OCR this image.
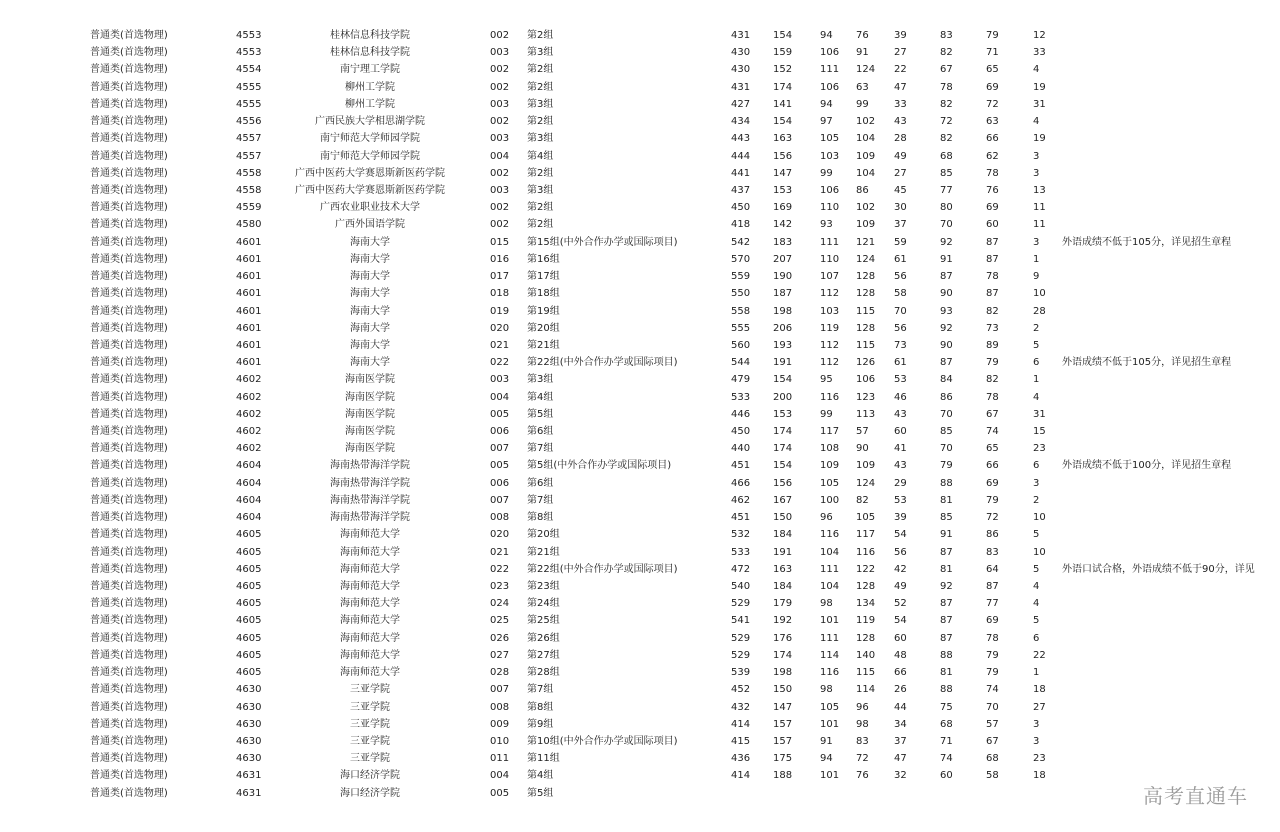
普通类(首选物理)	4553	桂林信息科技学院	002 第2组	431 154	94 76	39	83	79	12
普通类(首选物理)	4553	桂林信息科技学院	003 第3组	430 159	106 91	27	82	71	33
普通类(首选物理)	4554	南宁理工学院	002 第2组	430 152	111 124 22	67	65	4
普通类(首选物理)	4555	柳州工学院	002 第2组	431 174	106 63	47	78	69	19
普通类(首选物理)	4555	柳州工学院	003 第3组	427 141	94 99	33	82	72	31
普通类(首选物理)	4556	广西民族大学相思湖学院	002 第2组	434 154	97 102 43	72	63	4
普通类(首选物理)	4557	南宁师范大学师园学院	003 第3组	443 163	105 104 28	82	66	19
普通类(首选物理)	4557	南宁师范大学师园学院	004 第4组	444 156	103 109 49	68	62	3
普通类(首选物理)	4558	广西中医药大学赛恩斯新医药学院	002 第2组	441 147	99 104 27	85	78	3
普通类(首选物理)	4558	广西中医药大学赛恩斯新医药学院	003 第3组	437 153	106 86	45	77	76	13
普通类(首选物理)	4559	广西农业职业技术大学	002 第2组	450 169	110 102 30	80	69	11
普通类(首选物理)	4580	广西外国语学院	002 第2组	418 142	93 109 37	70	60	11
普通类(首选物理)	4601	海南大学	015 第15组(中外合作办学或国际项目)	542 183	111 121 59	92	87	3 外语成绩不低于105分，详见招生章程
普通类(首选物理)	4601	海南大学	016 第16组	570 207	110 124 61	91	87	1
普通类(首选物理)	4601	海南大学	017 第17组	559 190	107 128 56	87	78	9
普通类(首选物理)	4601	海南大学	018 第18组	550 187	112 128 58	90	87	10
普通类(首选物理)	4601	海南大学	019 第19组	558 198	103 115 70	93	82	28
普通类(首选物理)	4601	海南大学	020 第20组	555 206	119 128 56	92	73	2
普通类(首选物理)	4601	海南大学	021 第21组	560 193	112 115 73	90	89	5
普通类(首选物理)	4601	海南大学	022 第22组(中外合作办学或国际项目)	544 191	112 126 61	87	79	6 外语成绩不低于105分，详见招生章程
普通类(首选物理)	4602	海南医学院	003 第3组	479 154	95 106 53	84	82	1
普通类(首选物理)	4602	海南医学院	004 第4组	533 200	116 123 46	86	78	4
普通类(首选物理)	4602	海南医学院	005 第5组	446 153	99 113 43	70	67	31
普通类(首选物理)	4602	海南医学院	006 第6组	450 174	117 57	60	85	74	15
普通类(首选物理)	4602	海南医学院	007 第7组	440 174	108 90	41	70	65	23
普通类(首选物理)	4604	海南热带海洋学院	005 第5组(中外合作办学或国际项目)	451 154	109 109 43	79	66	6 外语成绩不低于100分，详见招生章程
普通类(首选物理)	4604	海南热带海洋学院	006 第6组	466 156	105 124 29	88	69	3
普通类(首选物理)	4604	海南热带海洋学院	007 第7组	462 167	100 82	53	81	79	2
普通类(首选物理)	4604	海南热带海洋学院	008 第8组	451 150	96 105 39	85	72	10
普通类(首选物理)	4605	海南师范大学	020 第20组	532 184	116 117 54	91	86	5
普通类(首选物理)	4605	海南师范大学	021 第21组	533 191	104 116 56	87	83	10
普通类(首选物理)	4605	海南师范大学	022 第22组(中外合作办学或国际项目)	472 163	111 122 42	81	64	5 外语口试合格，外语成绩不低于90分，详见
普通类(首选物理)	4605	海南师范大学	023 第23组	540 184	104 128 49	92	87	4
普通类(首选物理)	4605	海南师范大学	024 第24组	529 179	98 134 52	87	77	4
普通类(首选物理)	4605	海南师范大学	025 第25组	541 192	101 119 54	87	69	5
普通类(首选物理)	4605	海南师范大学	026 第26组	529 176	111 128 60	87	78	6
普通类(首选物理)	4605	海南师范大学	027 第27组	529 174	114 140 48	88	79	22
普通类(首选物理)	4605	海南师范大学	028 第28组	539 198	116 115 66	81	79	1
普通类(首选物理)	4630	三亚学院	007 第7组	452 150	98 114 26	88	74	18
普通类(首选物理)	4630	三亚学院	008 第8组	432 147	105 96	44	75	70	27
普通类(首选物理)	4630	三亚学院	009 第9组	414 157	101 98	34	68	57	3
普通类(首选物理)	4630	三亚学院	010 第10组(中外合作办学或国际项目)	415 157	91 83	37	71	67	3
普通类(首选物理)	4630	三亚学院	011 第11组	436 175	94 72	47	74	68	23
普通类(首选物理)	4631	海口经济学院	004 第4组	414 188	101 76	32	60	58	18
普通类(首选物理)	4631	海口经济学院	005 第5组	高考直通车
